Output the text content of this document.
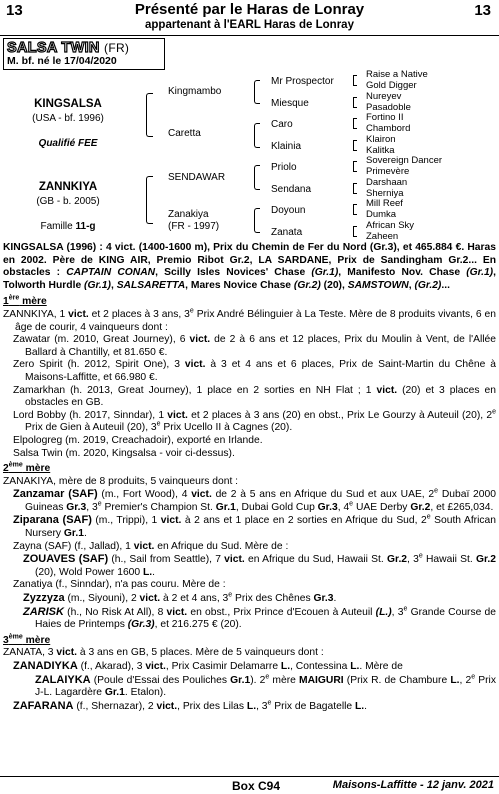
13	Présenté par le Haras de Lonray	13
appartenant à l'EARL Haras de Lonray
SALSA TWIN (FR)
M. bf. né le 17/04/2020
KINGSALSA
(USA - bf. 1996)
Qualifié FEE
ZANNKIYA
(GB - b. 2005)
Famille 11-g
Kingmambo
Caretta
SENDAWAR
Zanakiya
(FR - 1997)
Mr Prospector
Miesque
Caro
Klainia
Priolo
Sendana
Doyoun
Zanata
Raise a Native
Gold Digger
Nureyev
Pasadoble
Fortino II
Chambord
Klairon
Kalitka
Sovereign Dancer
Primevère
Darshaan
Sherniya
Mill Reef
Dumka
African Sky
Zaheen
KINGSALSA (1996) : 4 vict. (1400-1600 m), Prix du Chemin de Fer du Nord (Gr.3), et 465.884 €. Haras en 2002. Père de KING AIR, Premio Ribot Gr.2, LA SARDANE, Prix de Sandingham Gr.2... En obstacles : CAPTAIN CONAN, Scilly Isles Novices' Chase (Gr.1), Manifesto Nov. Chase (Gr.1), Tolworth Hurdle (Gr.1), SALSARETTA, Mares Novice Chase (Gr.2) (20), SAMSTOWN, (Gr.2)...
1ère mère
ZANNKIYA, 1 vict. et 2 places à 3 ans, 3e Prix André Bélinguier à La Teste. Mère de 8 produits vivants, 6 en âge de courir, 4 vainqueurs dont :
Zawatar (m. 2010, Great Journey), 6 vict. de 2 à 6 ans et 12 places, Prix du Moulin à Vent, de l'Allée Ballard à Chantilly, et 81.650 €.
Zero Spirit (h. 2012, Spirit One), 3 vict. à 3 et 4 ans et 6 places, Prix de Saint-Martin du Chêne à Maisons-Laffitte, et 66.980 €.
Zamarkhan (h. 2013, Great Journey), 1 place en 2 sorties en NH Flat ; 1 vict. (20) et 3 places en obstacles en GB.
Lord Bobby (h. 2017, Sinndar), 1 vict. et 2 places à 3 ans (20) en obst., Prix Le Gourzy à Auteuil (20), 2e Prix de Gien à Auteuil (20), 3e Prix Ucello II à Cagnes (20).
Elpologreg (m. 2019, Creachadoir), exporté en Irlande.
Salsa Twin (m. 2020, Kingsalsa - voir ci-dessus).
2ème mère
ZANAKIYA, mère de 8 produits, 5 vainqueurs dont :
Zanzamar (SAF) (m., Fort Wood), 4 vict. de 2 à 5 ans en Afrique du Sud et aux UAE, 2e Dubaï 2000 Guineas Gr.3, 3e Premier's Champion St. Gr.1, Dubai Gold Cup Gr.3, 4e UAE Derby Gr.2, et £265,034.
Ziparana (SAF) (m., Trippi), 1 vict. à 2 ans et 1 place en 2 sorties en Afrique du Sud, 2e South African Nursery Gr.1.
Zayna (SAF) (f., Jallad), 1 vict. en Afrique du Sud. Mère de :
ZOUAVES (SAF) (h., Sail from Seattle), 7 vict. en Afrique du Sud, Hawaii St. Gr.2, 3e Hawaii St. Gr.2 (20), Wold Power 1600 L..
Zanatiya (f., Sinndar), n'a pas couru. Mère de :
Zyzzyza (m., Siyouni), 2 vict. à 2 et 4 ans, 3e Prix des Chênes Gr.3.
ZARISK (h., No Risk At All), 8 vict. en obst., Prix Prince d'Ecouen à Auteuil (L.), 3e Grande Course de Haies de Printemps (Gr.3), et 216.275 € (20).
3ème mère
ZANATA, 3 vict. à 3 ans en GB, 5 places. Mère de 5 vainqueurs dont :
ZANADIYKA (f., Akarad), 3 vict., Prix Casimir Delamarre L., Contessina L.. Mère de
ZALAIYKA (Poule d'Essai des Pouliches Gr.1). 2e mère MAIGURI (Prix R. de Chambure L., 2e Prix J-L. Lagardère Gr.1. Etalon).
ZAFARANA (f., Shernazar), 2 vict., Prix des Lilas L., 3e Prix de Bagatelle L..
Box C94	Maisons-Laffitte - 12 janv. 2021
